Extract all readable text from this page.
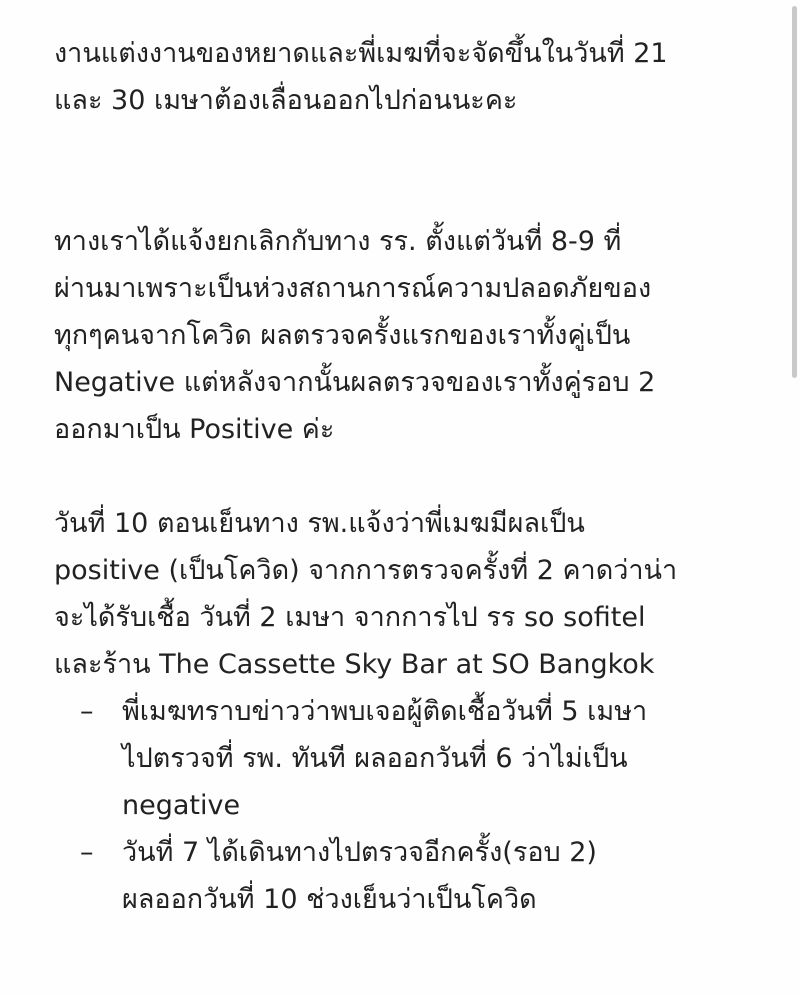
งานแต่งงานของหยาดและพี่เมฆที่จะจัดขึ้นในวันที่ 21
และ 30 เมษาต้องเลื่อนออกไปก่อนนะคะ

ทางเราได้แจ้งยกเลิกกับทาง รร. ตั้งแต่วันที่ 8-9 ที่
ผ่านมาเพราะเป็นห่วงสถานการณ์ความปลอดภัยของ
ทุกๆคนจากโควิด ผลตรวจครั้งแรกของเราทั้งคู่เป็น
Negative แต่หลังจากนั้นผลตรวจของเราทั้งคู่รอบ 2
ออกมาเป็น Positive ค่ะ

วันที่ 10 ตอนเย็นทาง รพ.แจ้งว่าพี่เมฆมีผลเป็น
positive (เป็นโควิด) จากการตรวจครั้งที่ 2 คาดว่าน่า
จะได้รับเชื้อ วันที่ 2 เมษา จากการไป รร so sofitel
และร้าน The Cassette Sky Bar at SO Bangkok

– พี่เมฆทราบข่าวว่าพบเจอผู้ติดเชื้อวันที่ 5 เมษา
ไปตรวจที่ รพ. ทันที ผลออกวันที่ 6 ว่าไม่เป็น
negative
– วันที่ 7 ได้เดินทางไปตรวจอีกครั้ง(รอบ 2)
ผลออกวันที่ 10 ช่วงเย็นว่าเป็นโควิด
